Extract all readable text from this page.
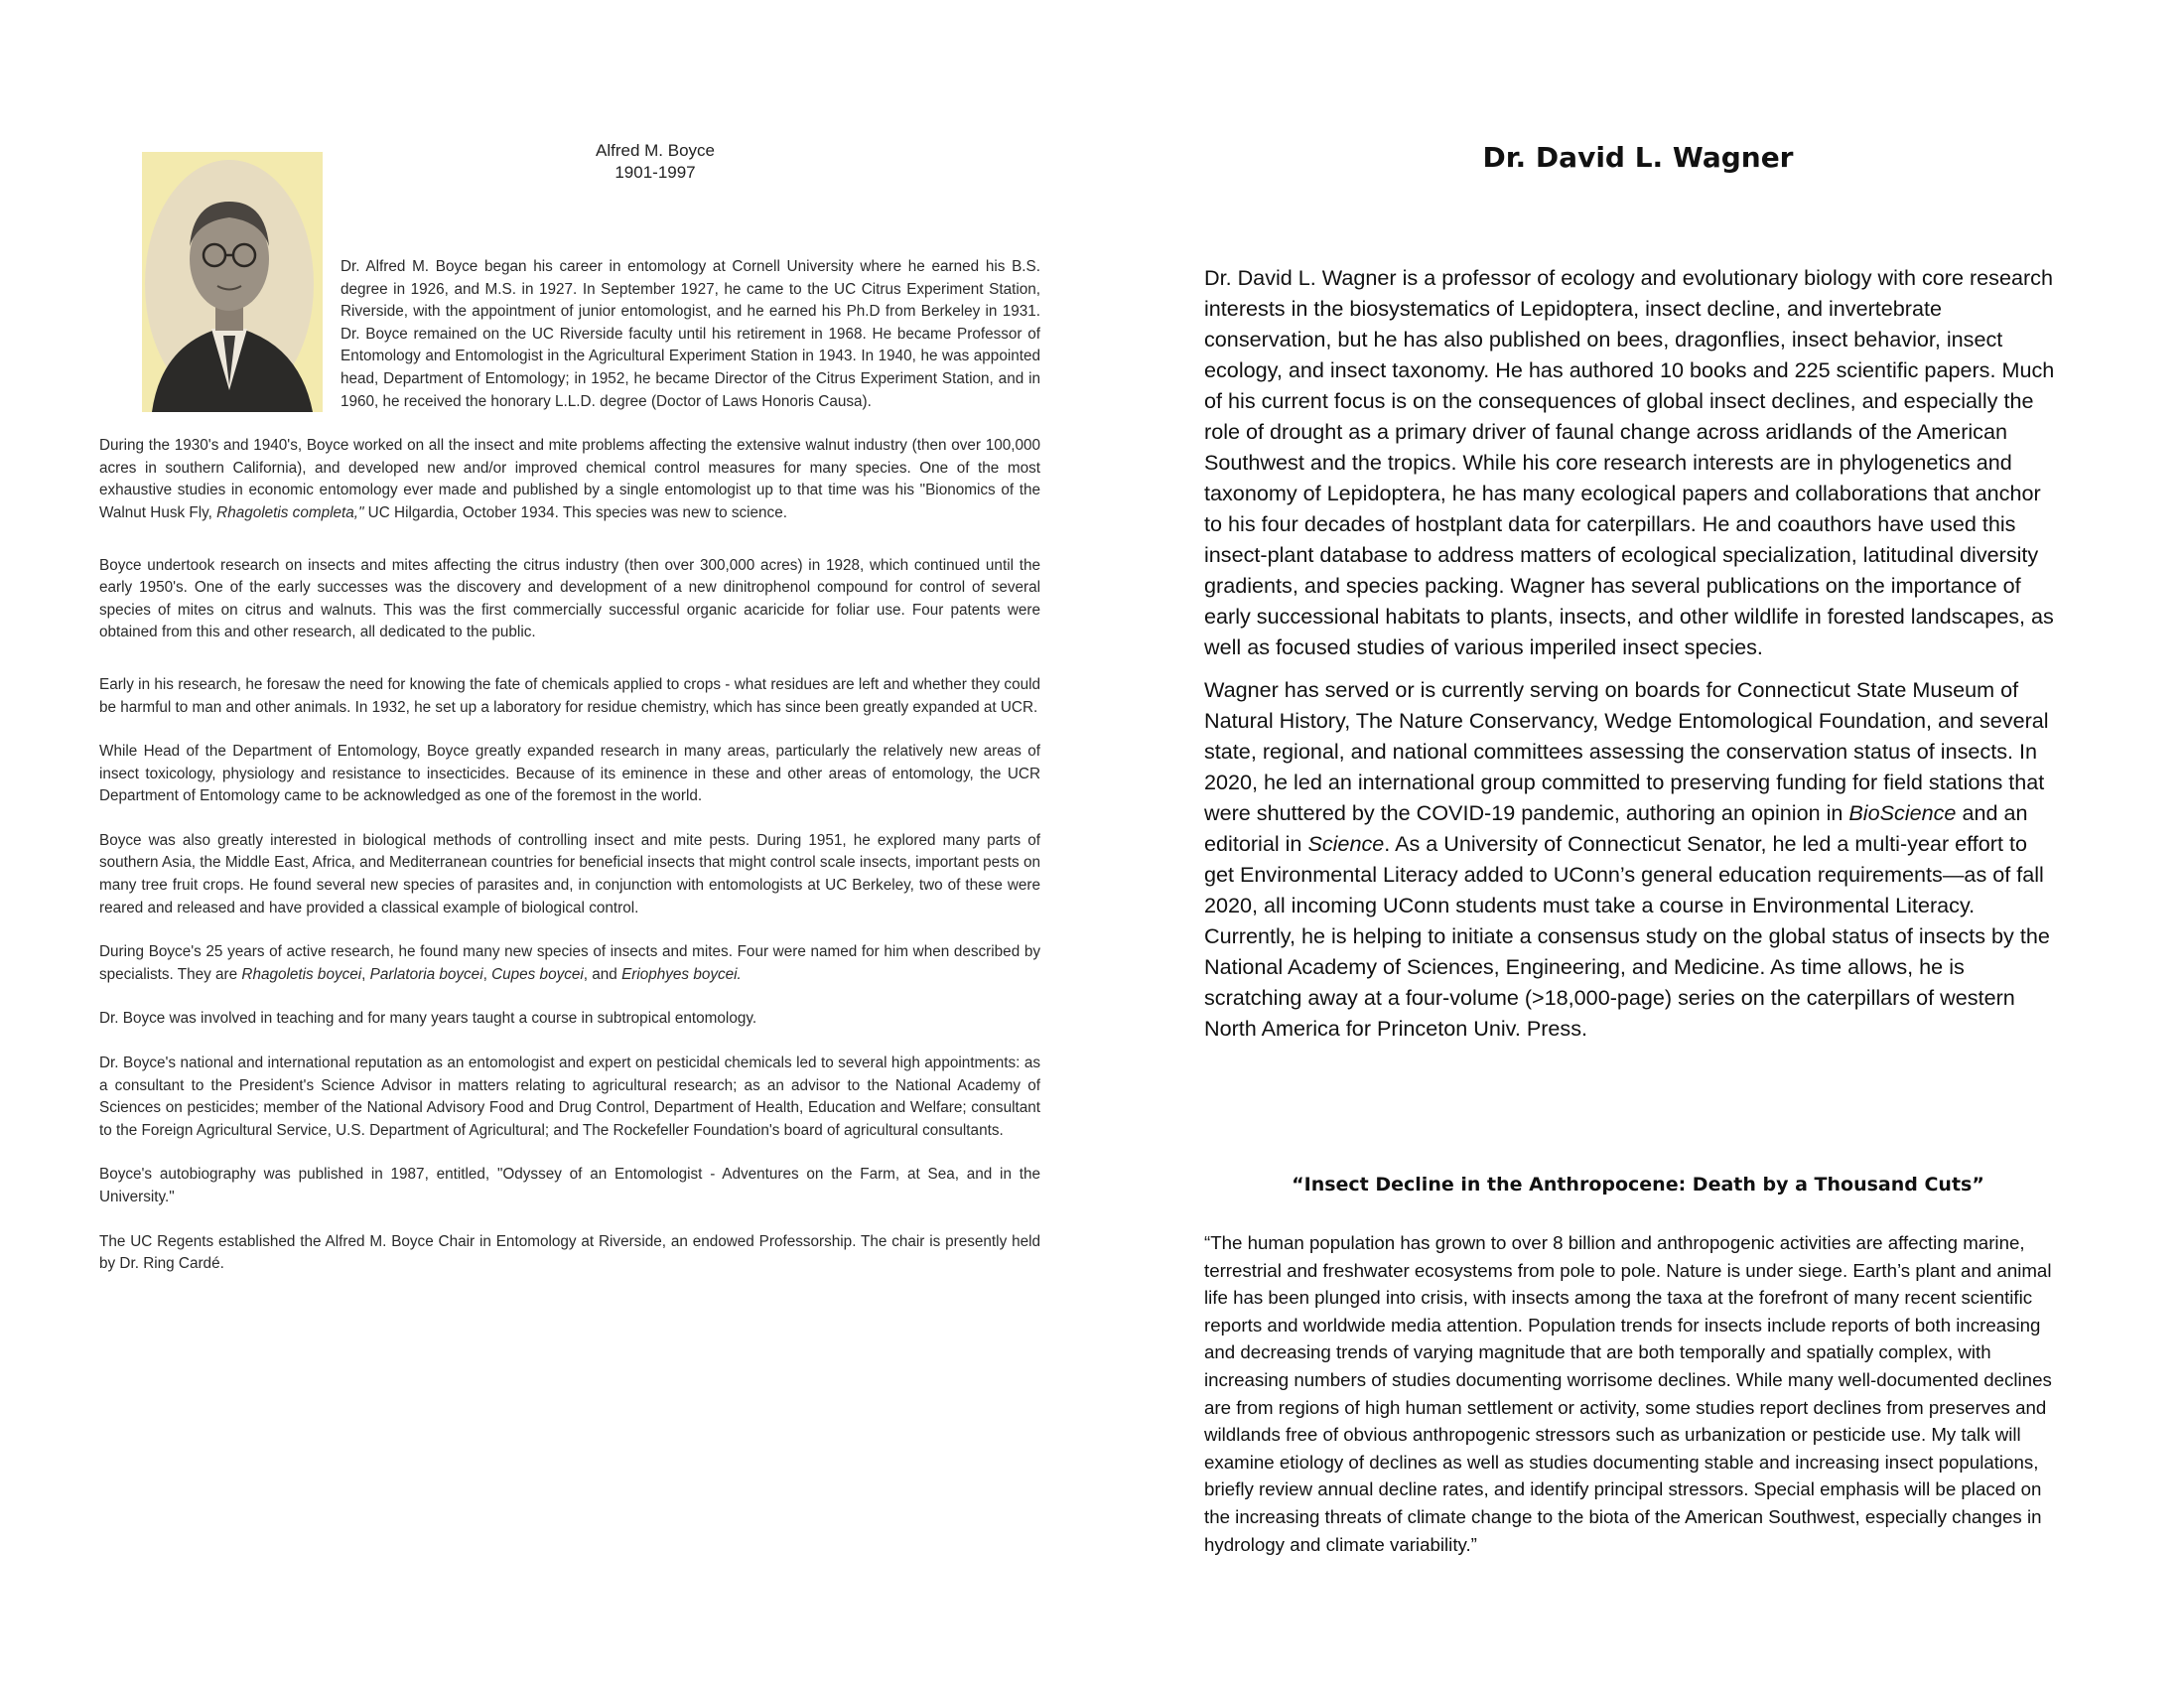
Alfred M. Boyce
1901-1997

Dr. Alfred M. Boyce began his career in entomology at Cornell University where he earned his B.S. degree in 1926, and M.S. in 1927. In September 1927, he came to the UC Citrus Experiment Station, Riverside, with the appointment of junior entomologist, and he earned his Ph.D from Berkeley in 1931. Dr. Boyce remained on the UC Riverside faculty until his retirement in 1968. He became Professor of Entomology and Entomologist in the Agricultural Experiment Station in 1943. In 1940, he was appointed head, Department of Entomology; in 1952, he became Director of the Citrus Experiment Station, and in 1960, he received the honorary L.L.D. degree (Doctor of Laws Honoris Causa).

During the 1930's and 1940's, Boyce worked on all the insect and mite problems affecting the extensive walnut industry (then over 100,000 acres in southern California), and developed new and/or improved chemical control measures for many species. One of the most exhaustive studies in economic entomology ever made and published by a single entomologist up to that time was his "Bionomics of the Walnut Husk Fly, Rhagoletis completa," UC Hilgardia, October 1934. This species was new to science.

Boyce undertook research on insects and mites affecting the citrus industry (then over 300,000 acres) in 1928, which continued until the early 1950's. One of the early successes was the discovery and development of a new dinitrophenol compound for control of several species of mites on citrus and walnuts. This was the first commercially successful organic acaricide for foliar use. Four patents were obtained from this and other research, all dedicated to the public.

Early in his research, he foresaw the need for knowing the fate of chemicals applied to crops - what residues are left and whether they could be harmful to man and other animals. In 1932, he set up a laboratory for residue chemistry, which has since been greatly expanded at UCR.

While Head of the Department of Entomology, Boyce greatly expanded research in many areas, particularly the relatively new areas of insect toxicology, physiology and resistance to insecticides. Because of its eminence in these and other areas of entomology, the UCR Department of Entomology came to be acknowledged as one of the foremost in the world.

Boyce was also greatly interested in biological methods of controlling insect and mite pests. During 1951, he explored many parts of southern Asia, the Middle East, Africa, and Mediterranean countries for beneficial insects that might control scale insects, important pests on many tree fruit crops. He found several new species of parasites and, in conjunction with entomologists at UC Berkeley, two of these were reared and released and have provided a classical example of biological control.

During Boyce's 25 years of active research, he found many new species of insects and mites. Four were named for him when described by specialists. They are Rhagoletis boycei, Parlatoria boycei, Cupes boycei, and Eriophyes boycei.

Dr. Boyce was involved in teaching and for many years taught a course in subtropical entomology.

Dr. Boyce's national and international reputation as an entomologist and expert on pesticidal chemicals led to several high appointments: as a consultant to the President's Science Advisor in matters relating to agricultural research; as an advisor to the National Academy of Sciences on pesticides; member of the National Advisory Food and Drug Control, Department of Health, Education and Welfare; consultant to the Foreign Agricultural Service, U.S. Department of Agricultural; and The Rockefeller Foundation's board of agricultural consultants.

Boyce's autobiography was published in 1987, entitled, "Odyssey of an Entomologist - Adventures on the Farm, at Sea, and in the University."

The UC Regents established the Alfred M. Boyce Chair in Entomology at Riverside, an endowed Professorship. The chair is presently held by Dr. Ring Cardé.

Dr. David L. Wagner

Dr. David L. Wagner is a professor of ecology and evolutionary biology with core research interests in the biosystematics of Lepidoptera, insect decline, and invertebrate conservation, but he has also published on bees, dragonflies, insect behavior, insect ecology, and insect taxonomy. He has authored 10 books and 225 scientific papers. Much of his current focus is on the consequences of global insect declines, and especially the role of drought as a primary driver of faunal change across aridlands of the American Southwest and the tropics. While his core research interests are in phylogenetics and taxonomy of Lepidoptera, he has many ecological papers and collaborations that anchor to his four decades of hostplant data for caterpillars. He and coauthors have used this insect-plant database to address matters of ecological specialization, latitudinal diversity gradients, and species packing. Wagner has several publications on the importance of early successional habitats to plants, insects, and other wildlife in forested landscapes, as well as focused studies of various imperiled insect species.

Wagner has served or is currently serving on boards for Connecticut State Museum of Natural History, The Nature Conservancy, Wedge Entomological Foundation, and several state, regional, and national committees assessing the conservation status of insects. In 2020, he led an international group committed to preserving funding for field stations that were shuttered by the COVID-19 pandemic, authoring an opinion in BioScience and an editorial in Science. As a University of Connecticut Senator, he led a multi-year effort to get Environmental Literacy added to UConn’s general education requirements—as of fall 2020, all incoming UConn students must take a course in Environmental Literacy. Currently, he is helping to initiate a consensus study on the global status of insects by the National Academy of Sciences, Engineering, and Medicine. As time allows, he is scratching away at a four-volume (>18,000-page) series on the caterpillars of western North America for Princeton Univ. Press.

“Insect Decline in the Anthropocene: Death by a Thousand Cuts”

“The human population has grown to over 8 billion and anthropogenic activities are affecting marine, terrestrial and freshwater ecosystems from pole to pole. Nature is under siege. Earth’s plant and animal life has been plunged into crisis, with insects among the taxa at the forefront of many recent scientific reports and worldwide media attention. Population trends for insects include reports of both increasing and decreasing trends of varying magnitude that are both temporally and spatially complex, with increasing numbers of studies documenting worrisome declines. While many well-documented declines are from regions of high human settlement or activity, some studies report declines from preserves and wildlands free of obvious anthropogenic stressors such as urbanization or pesticide use. My talk will examine etiology of declines as well as studies documenting stable and increasing insect populations, briefly review annual decline rates, and identify principal stressors. Special emphasis will be placed on the increasing threats of climate change to the biota of the American Southwest, especially changes in hydrology and climate variability.”
